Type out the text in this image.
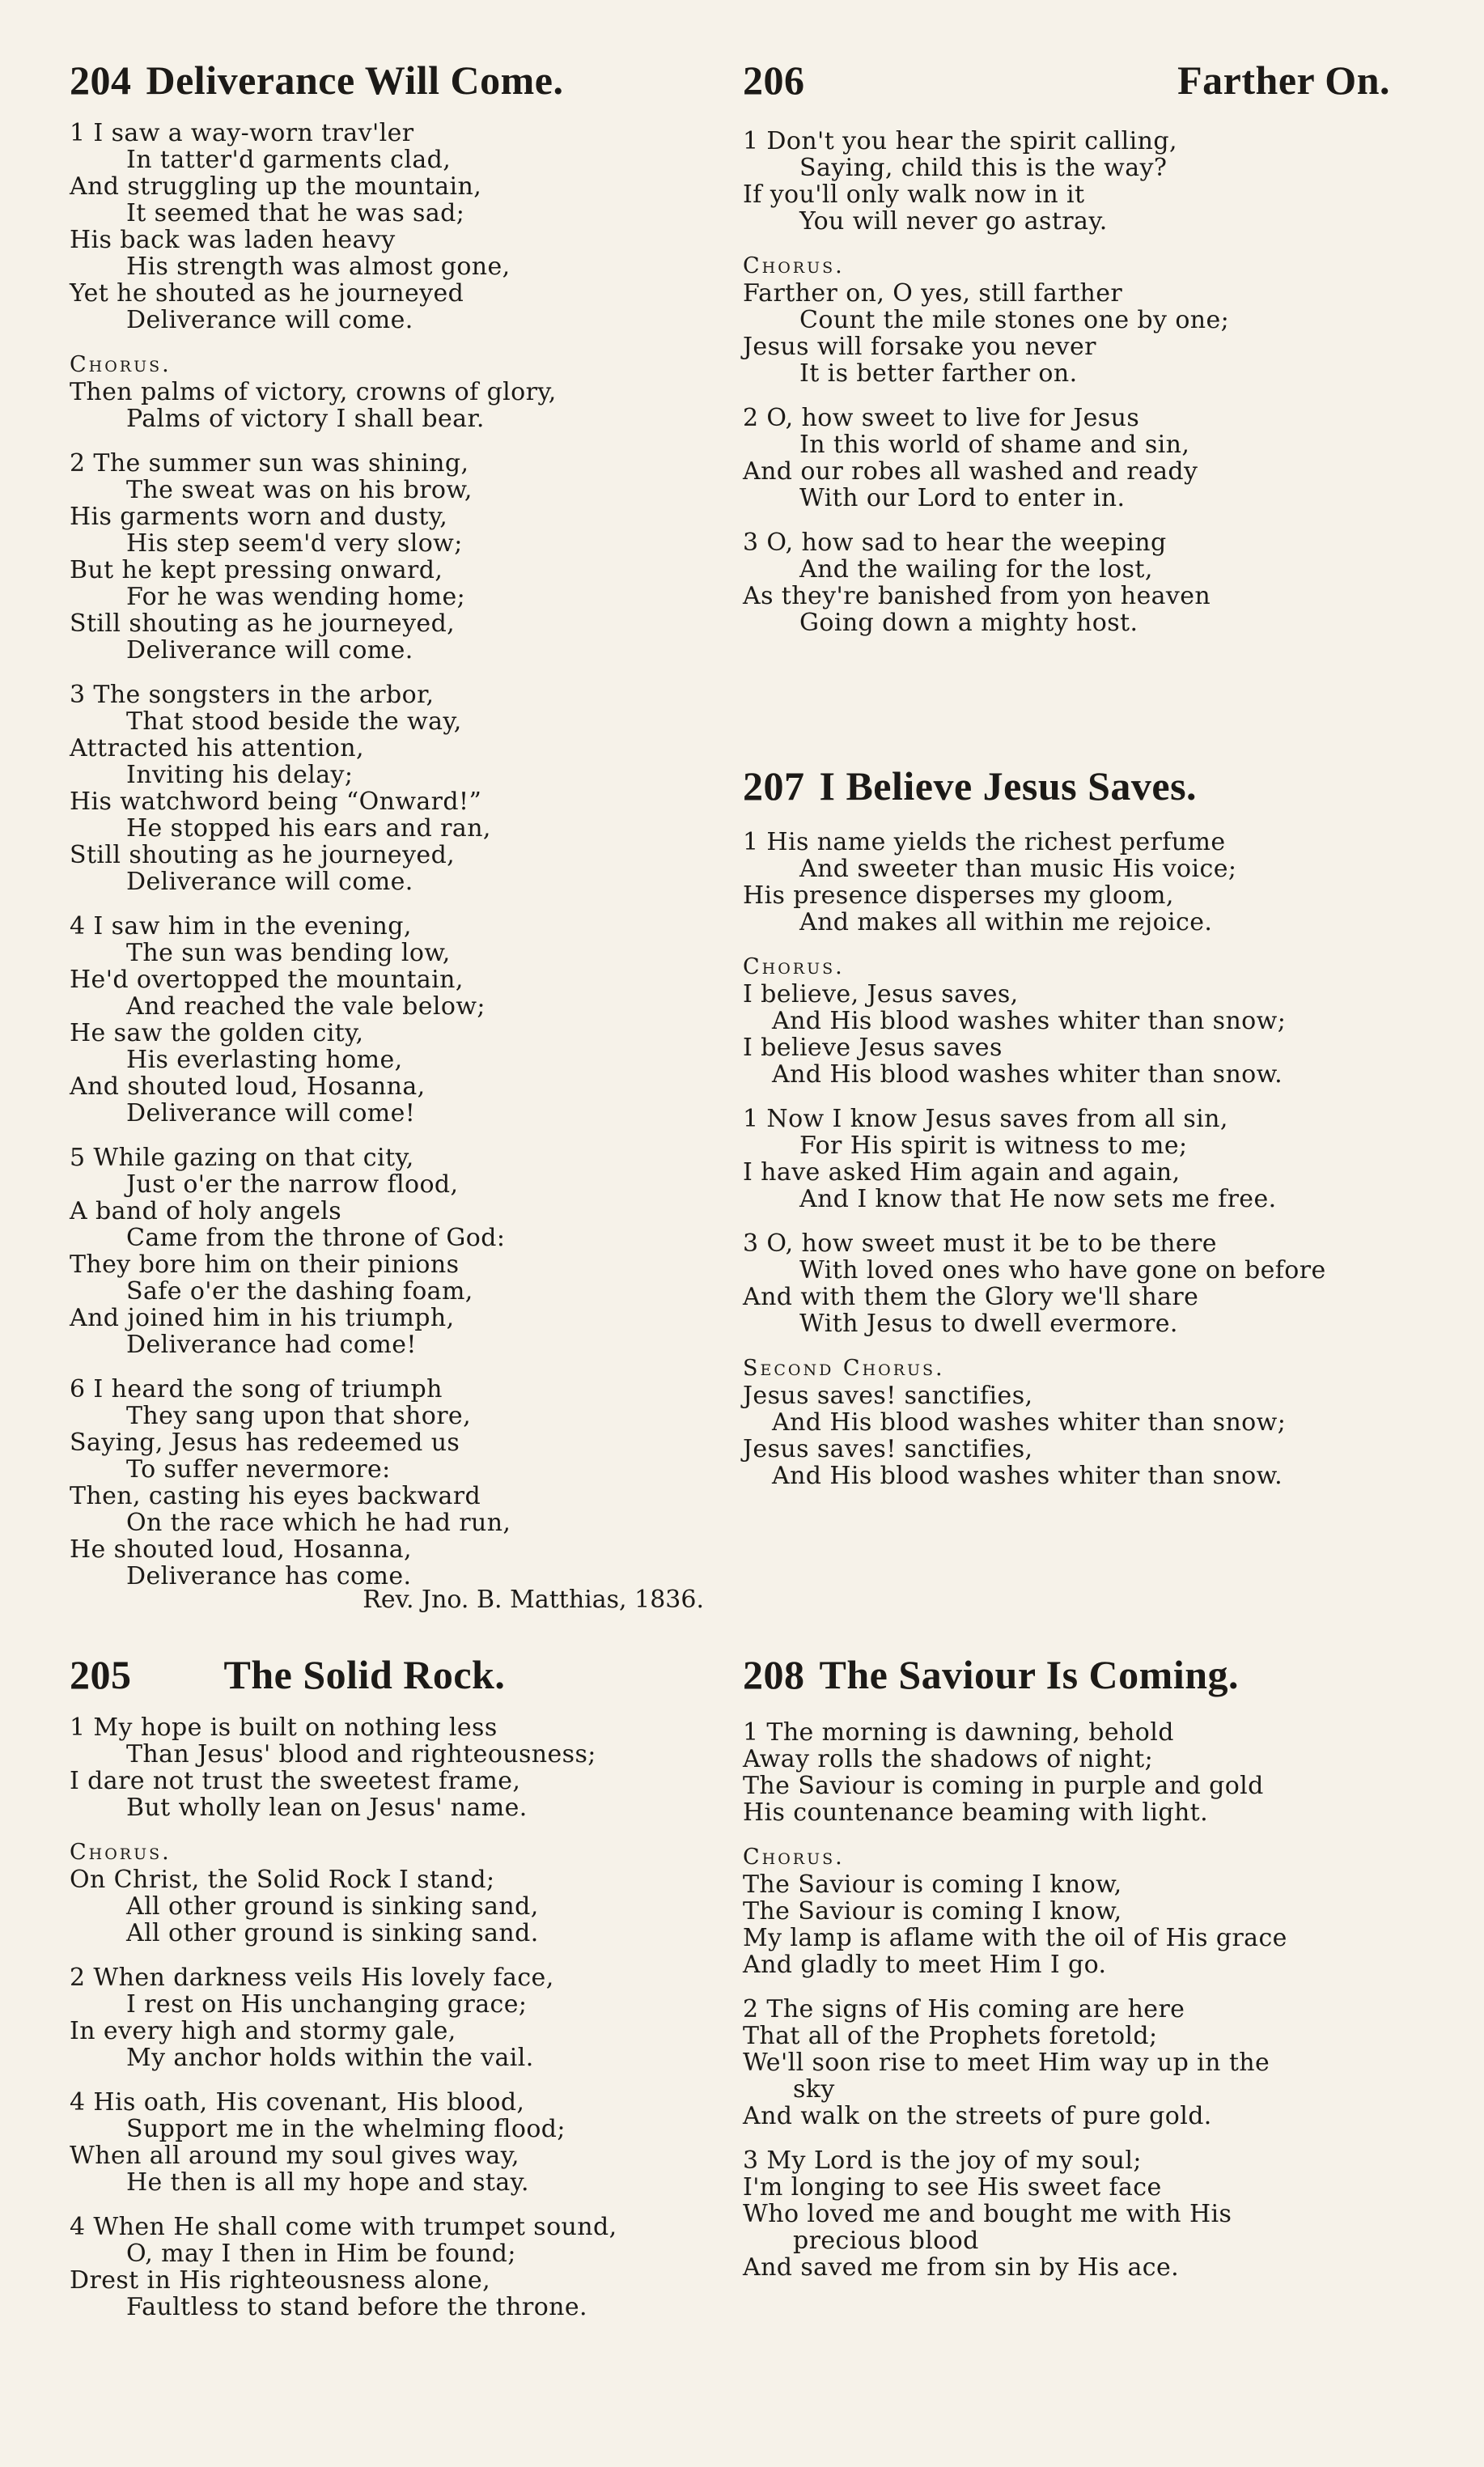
204 Deliverance Will Come.
1 I saw a way-worn trav'ler
In tatter'd garments clad,
And struggling up the mountain,
It seemed that he was sad;
His back was laden heavy
His strength was almost gone,
Yet he shouted as he journeyed
Deliverance will come.
Chorus.
Then palms of victory, crowns of glory,
Palms of victory I shall bear.
2 The summer sun was shining,
The sweat was on his brow,
His garments worn and dusty,
His step seem'd very slow;
But he kept pressing onward,
For he was wending home;
Still shouting as he journeyed,
Deliverance will come.
3 The songsters in the arbor,
That stood beside the way,
Attracted his attention,
Inviting his delay;
His watchword being “Onward!”
He stopped his ears and ran,
Still shouting as he journeyed,
Deliverance will come.
4 I saw him in the evening,
The sun was bending low,
He'd overtopped the mountain,
And reached the vale below;
He saw the golden city,
His everlasting home,
And shouted loud, Hosanna,
Deliverance will come!
5 While gazing on that city,
Just o'er the narrow flood,
A band of holy angels
Came from the throne of God:
They bore him on their pinions
Safe o'er the dashing foam,
And joined him in his triumph,
Deliverance had come!
6 I heard the song of triumph
They sang upon that shore,
Saying, Jesus has redeemed us
To suffer nevermore:
Then, casting his eyes backward
On the race which he had run,
He shouted loud, Hosanna,
Deliverance has come.
Rev. Jno. B. Matthias, 1836.
205 The Solid Rock.
1 My hope is built on nothing less
Than Jesus' blood and righteousness;
I dare not trust the sweetest frame,
But wholly lean on Jesus' name.
Chorus.
On Christ, the Solid Rock I stand;
All other ground is sinking sand,
All other ground is sinking sand.
2 When darkness veils His lovely face,
I rest on His unchanging grace;
In every high and stormy gale,
My anchor holds within the vail.
4 His oath, His covenant, His blood,
Support me in the whelming flood;
When all around my soul gives way,
He then is all my hope and stay.
4 When He shall come with trumpet sound,
O, may I then in Him be found;
Drest in His righteousness alone,
Faultless to stand before the throne.
206	Farther On.
1 Don't you hear the spirit calling,
Saying, child this is the way?
If you'll only walk now in it
You will never go astray.
Chorus.
Farther on, O yes, still farther
Count the mile stones one by one;
Jesus will forsake you never
It is better farther on.
2 O, how sweet to live for Jesus
In this world of shame and sin,
And our robes all washed and ready
With our Lord to enter in.
3 O, how sad to hear the weeping
And the wailing for the lost,
As they're banished from yon heaven
Going down a mighty host.
207 I Believe Jesus Saves.
1 His name yields the richest perfume
And sweeter than music His voice;
His presence disperses my gloom,
And makes all within me rejoice.
Chorus.
I believe, Jesus saves,
And His blood washes whiter than snow;
I believe Jesus saves
And His blood washes whiter than snow.
1 Now I know Jesus saves from all sin,
For His spirit is witness to me;
I have asked Him again and again,
And I know that He now sets me free.
3 O, how sweet must it be to be there
With loved ones who have gone on before
And with them the Glory we'll share
With Jesus to dwell evermore.
Second Chorus.
Jesus saves! sanctifies,
And His blood washes whiter than snow;
Jesus saves! sanctifies,
And His blood washes whiter than snow.
208 The Saviour Is Coming.
1 The morning is dawning, behold
Away rolls the shadows of night;
The Saviour is coming in purple and gold
His countenance beaming with light.
Chorus.
The Saviour is coming I know,
The Saviour is coming I know,
My lamp is aflame with the oil of His grace
And gladly to meet Him I go.
2 The signs of His coming are here
That all of the Prophets foretold;
We'll soon rise to meet Him way up in the
sky
And walk on the streets of pure gold.
3 My Lord is the joy of my soul;
I'm longing to see His sweet face
Who loved me and bought me with His
precious blood
And saved me from sin by His ace.
